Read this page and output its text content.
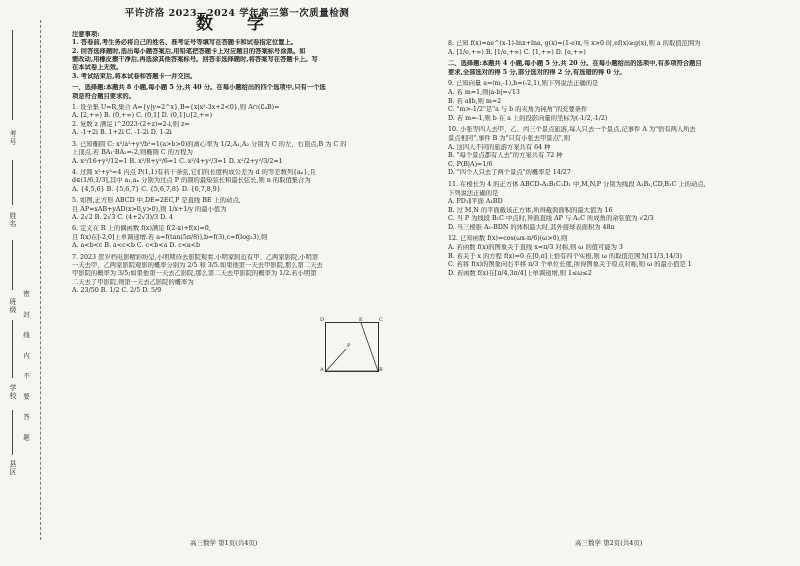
密 封 线 内 不 要 答 题
考号
姓名
班级
学校
县区
平许济洛 2023—2024 学年高三第一次质量检测
数 学

注意事项:

1. 答卷前,考生务必将自己的姓名、准考证号等填写在答题卡和试卷指定位置上。

2. 回答选择题时,选出每小题答案后,用铅笔把答题卡上对应题目的答案标号涂黑。如

需改动,用橡皮擦干净后,再选涂其他答案标号。回答非选择题时,将答案写在答题卡上。写

在本试卷上无效。

3. 考试结束后,将本试卷和答题卡一并交回。

一、选择题:本题共 8 小题,每小题 5 分,共 40 分。在每小题给出的四个选项中,只有一个选

项是符合题目要求的。

1. 设全集 U=R,集合 A={y|y=2^x},B={x|x²-3x+2<0},则 A∩(∁ᵤB)=

A. [2,+∞) B. (0,+∞) C. (0,1] D. (0,1]∪[2,+∞)

2. 复数 z 满足 i^2023·(2+z)=2-i,则 z=

A. -1+2i B. 1+2i C. -1-2i D. 1-2i

3. 已知椭圆 C: x²/a²+y²/b²=1(a>b>0)的离心率为 1/2,A₁,A₂ 分别为 C 的左、右顶点,B 为 C 的

上顶点.若 BA₁·BA₂=-2,则椭圆 C 的方程为

A. x²/16+y²/12=1 B. x²/8+y²/6=1 C. x²/4+y²/3=1 D. x²/2+y²/3/2=1

4. 过圆 x²+y²=4 内点 P(1,1)有若干条弦,它们的长度构成公差为 d 的等差数列{aₙ},且

d∈(1/6,1/3],其中 a₁,aₙ 分别为过点 P 的圆的最短弦长和最长弦长,则 n 的取值集合为

A. {4,5,6} B. {5,6,7} C. {5,6,7,8} D. {6,7,8,9}

5. 如图,正方形 ABCD 中,DE=2EC,P 是直线 BE 上的动点,

且 AP=xAB+yAD(x>0,y>0),则 1/x+1/y 的最小值为

A. 2√2 B. 2√3 C. (4+2√3)/3 D. 4

6. 定义在 R 上的偶函数 f(x)满足 f(2-x)+f(x)=0,

且 f(x)在[-2,0]上单调递增.若 a=f(tan(5π/8)),b=f(3),c=f(log₂3),则

A. a<b<c B. a<c<b C. c<b<a D. c<a<b

7. 2023 贺岁档电影精彩纷呈,小明期待去影院观看.小明家附近有甲、乙两家影院,小明第

一天去甲、乙两家影院观影的概率分别为 2/5 和 3/5.如果他第一天去甲影院,那么第二天去

甲影院的概率为 3/5;如果他第一天去乙影院,那么第二天去甲影院的概率为 1/2.若小明第

二天去了甲影院,则第一天去乙影院的概率为

A. 23/50 B. 1/2 C. 2/5 D. 5/9

D	E	C
A	B
P
高三数学 第1页(共4页)

8. 已知 f(x)=ae^(x-1)-lnx+lna, g(x)=(1-e)x,当 x>0 时,ef(x)≥g(x),则 a 的取值范围为

A. [1/e,+∞) B. [1/e,+∞) C. [1,+∞) D. [e,+∞)

二、选择题:本题共 4 小题,每小题 5 分,共 20 分。在每小题给出的选项中,有多项符合题目

要求,全部选对的得 5 分,部分选对的得 2 分,有选错的得 0 分。

9. 已知向量 a=(m,-1),b=(-2,1),则下列说法正确的是

A. 若 m=1,则|a-b|=√13

B. 若 a∥b,则 m=2

C. "m>-1/2"是"a 与 b 的夹角为钝角"的充要条件

D. 若 m=-1,则 b 在 a 上的投影向量的坐标为(-1/2,-1/2)

10. 小张等四人去甲、乙、丙三个景点旅游,每人只去一个景点,记事件 A 为"恰有两人所去

景点相同",事件 B 为"只有小张去甲景点",则

A. 这四人不同的旅游方案共有 64 种

B. "每个景点都有人去"的方案共有 72 种

C. P(B|A)=1/6

D. "四个人只去了两个景点"的概率是 14/27

11. 在棱长为 4 的正方体 ABCD-A₁B₁C₁D₁ 中,M,N,P 分别为线段 A₁B₁,CD,B₁C 上的动点,

下列说法正确的是

A. PD₁∥平面 A₁BD

B. 过 M,N 的平面截该正方体,所得截面面积的最大值为 16

C. 当 P 为线段 B₁C 中点时,异面直线 AP 与 A₁C 所成角的余弦值为 √2/3

D. 当三棱锥 A₁-BDN 的体积最大时,其外接球表面积为 48π

12. 已知函数 f(x)=cos(ωx-π/6)(ω>0),则

A. 若函数 f(x)的图象关于直线 x=π/3 对称,则 ω 的值可能为 3

B. 若关于 x 的方程 f(x)=0 在[0,π]上恰有四个实根,则 ω 的取值范围为[11/3,14/3)

C. 若将 f(x)的图象向右平移 π/3 个单位长度,所得图象关于原点对称,则 ω 的最小值是 1

D. 若函数 f(x)在[π/4,3π/4]上单调递增,则 1≤ω≤2

高三数学 第2页(共4页)
